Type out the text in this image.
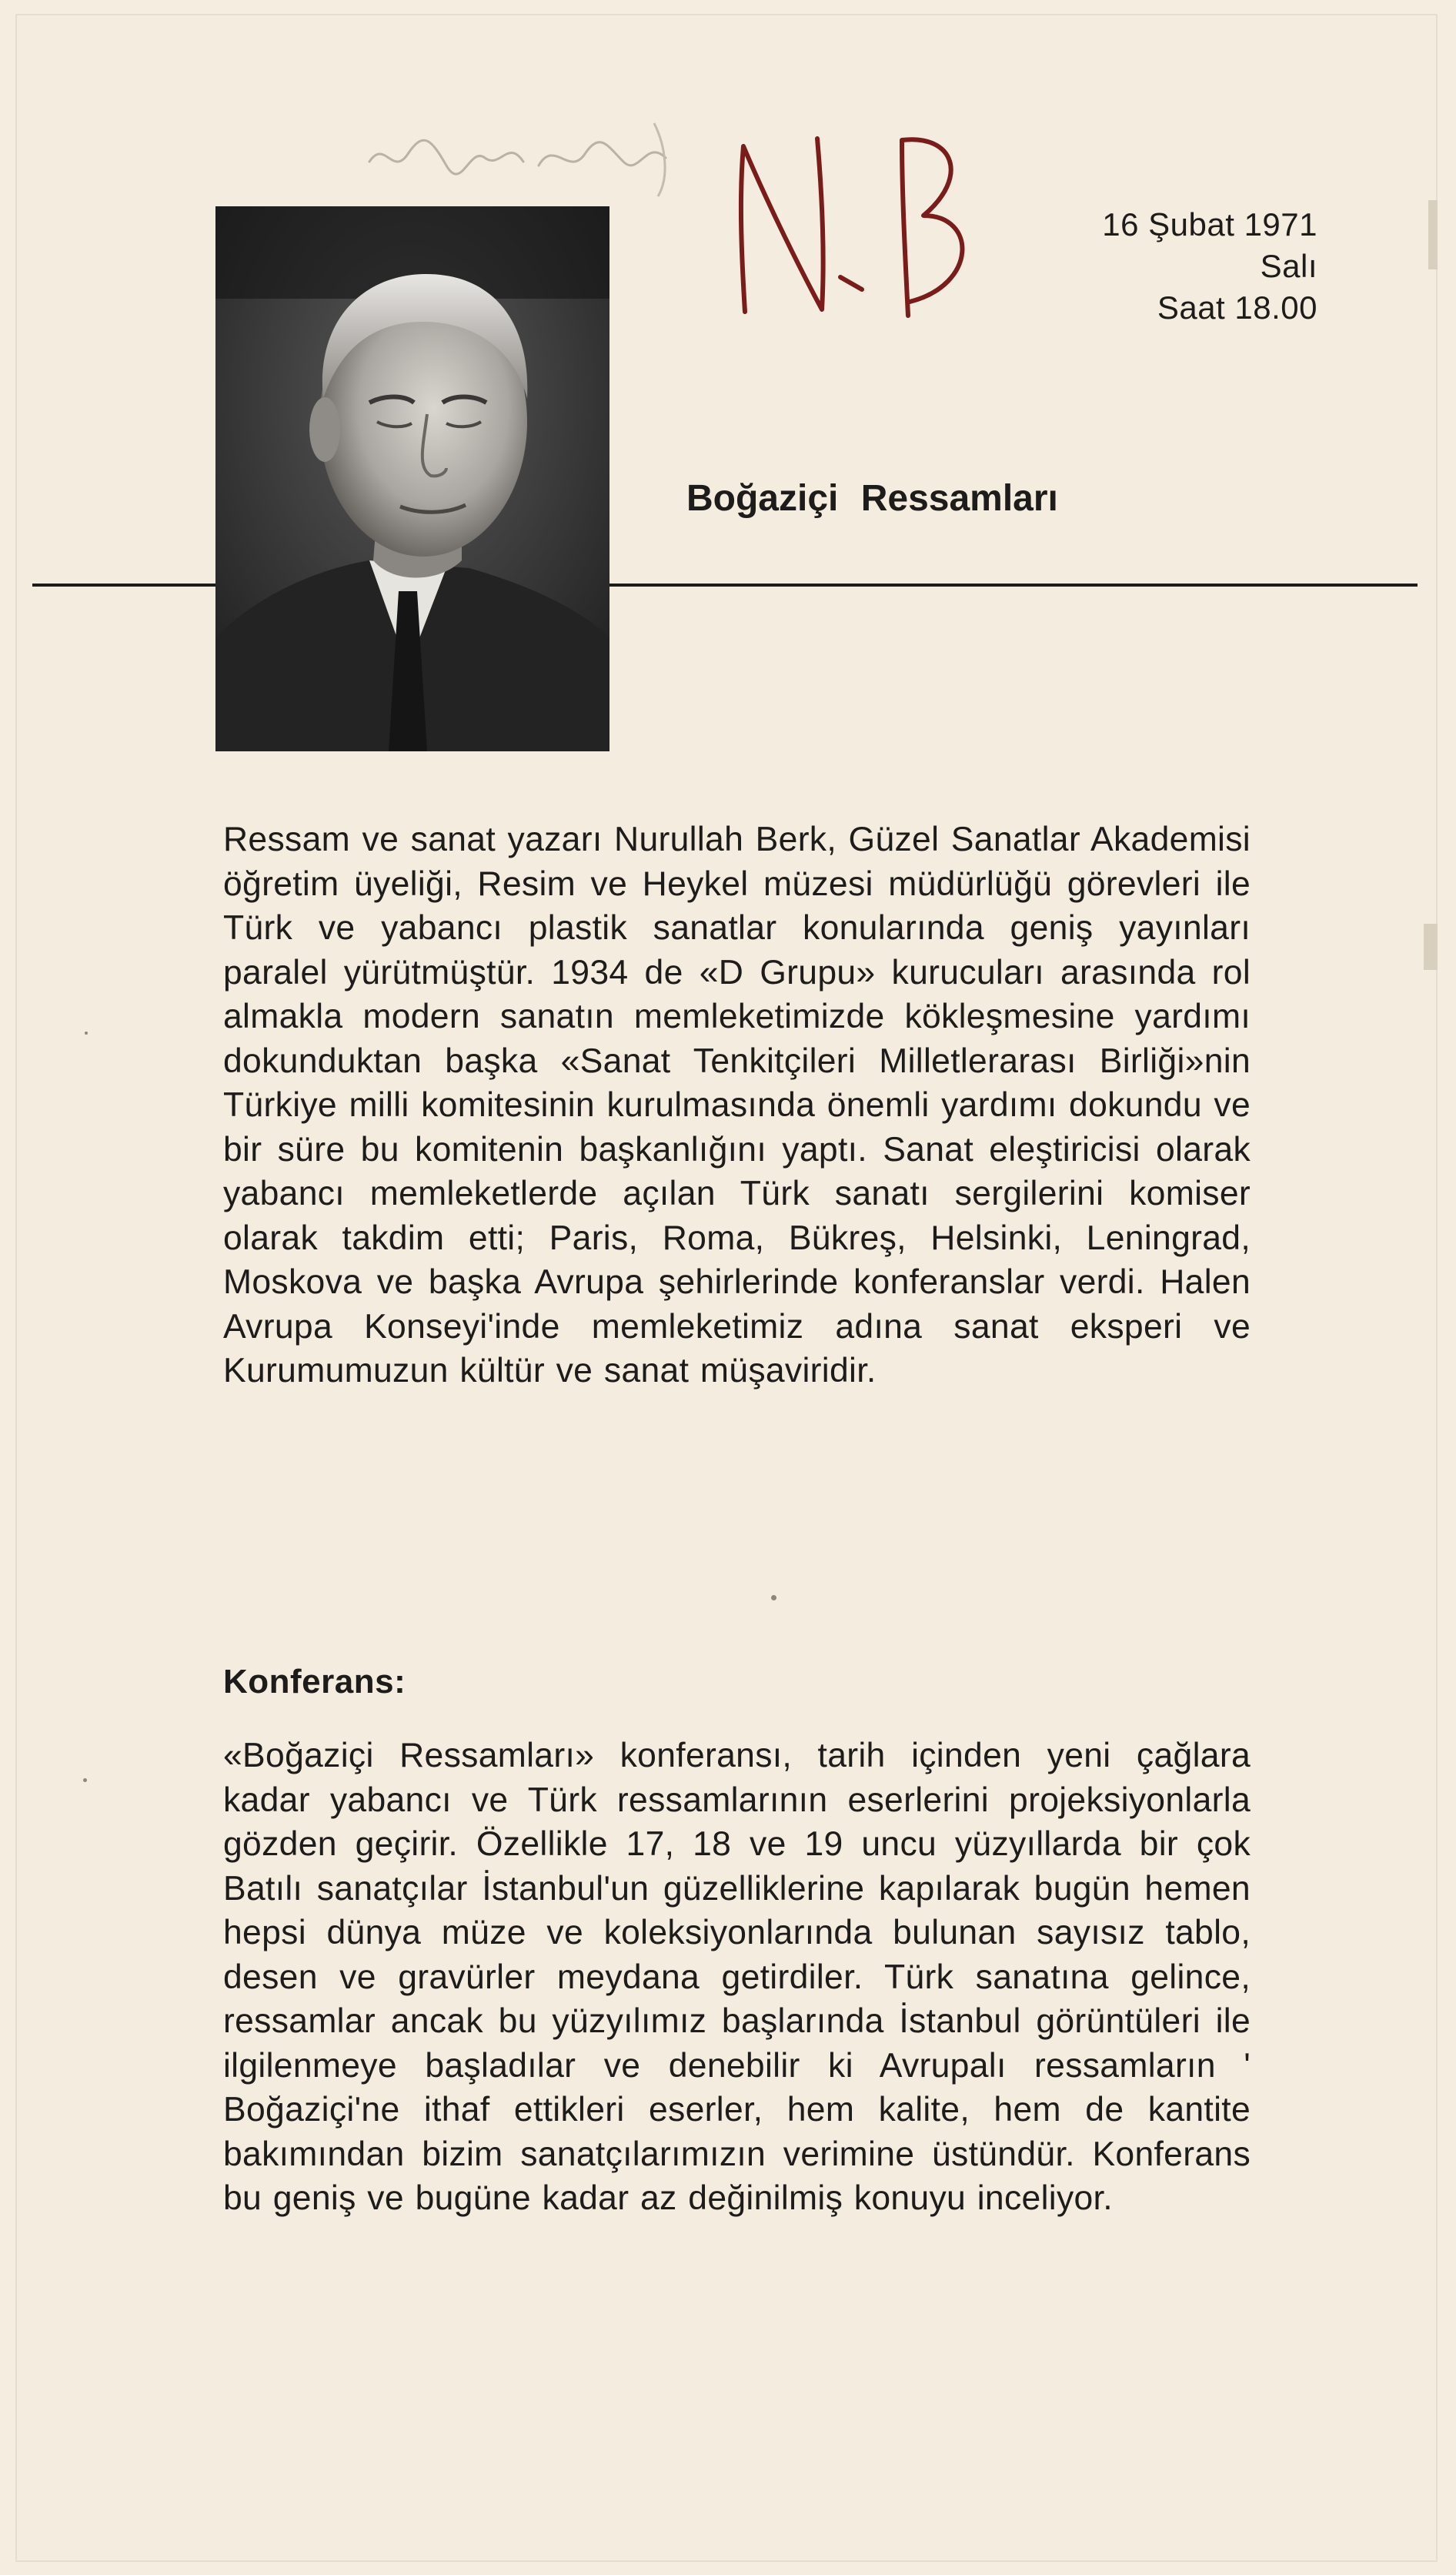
16 Şubat 1971
Salı
Saat 18.00
Boğaziçi Ressamları
Ressam ve sanat yazarı Nurullah Berk, Güzel Sanatlar Akademisi öğretim üyeliği, Resim ve Heykel müzesi müdürlüğü görevleri ile Türk ve yabancı plastik sanatlar konularında geniş yayınları paralel yürütmüştür. 1934 de «D Grupu» kurucuları arasında rol almakla modern sanatın memleketimizde kökleşmesine yardımı dokunduktan başka «Sanat Tenkitçileri Milletlerarası Birliği»nin Türkiye milli komitesinin kurulmasında önemli yardımı dokundu ve bir süre bu komitenin başkanlığını yaptı. Sanat eleştiricisi olarak yabancı memleketlerde açılan Türk sanatı sergilerini komiser olarak takdim etti; Paris, Roma, Bükreş, Helsinki, Leningrad, Moskova ve başka Avrupa şehirlerinde konferanslar verdi. Halen Avrupa Konseyi'inde memleketimiz adına sanat eksperi ve Kurumumuzun kültür ve sanat müşaviridir.
Konferans:
«Boğaziçi Ressamları» konferansı, tarih içinden yeni çağlara kadar yabancı ve Türk ressamlarının eserlerini projeksiyonlarla gözden geçirir. Özellikle 17, 18 ve 19 uncu yüzyıllarda bir çok Batılı sanatçılar İstanbul'un güzelliklerine kapılarak bugün hemen hepsi dünya müze ve koleksiyonlarında bulunan sayısız tablo, desen ve gravürler meydana getirdiler. Türk sanatına gelince, ressamlar ancak bu yüzyılımız başlarında İstanbul görüntüleri ile ilgilenmeye başladılar ve denebilir ki Avrupalı ressamların ' Boğaziçi'ne ithaf ettikleri eserler, hem kalite, hem de kantite bakımından bizim sanatçılarımızın verimine üstündür. Konferans bu geniş ve bugüne kadar az değinilmiş konuyu inceliyor.
